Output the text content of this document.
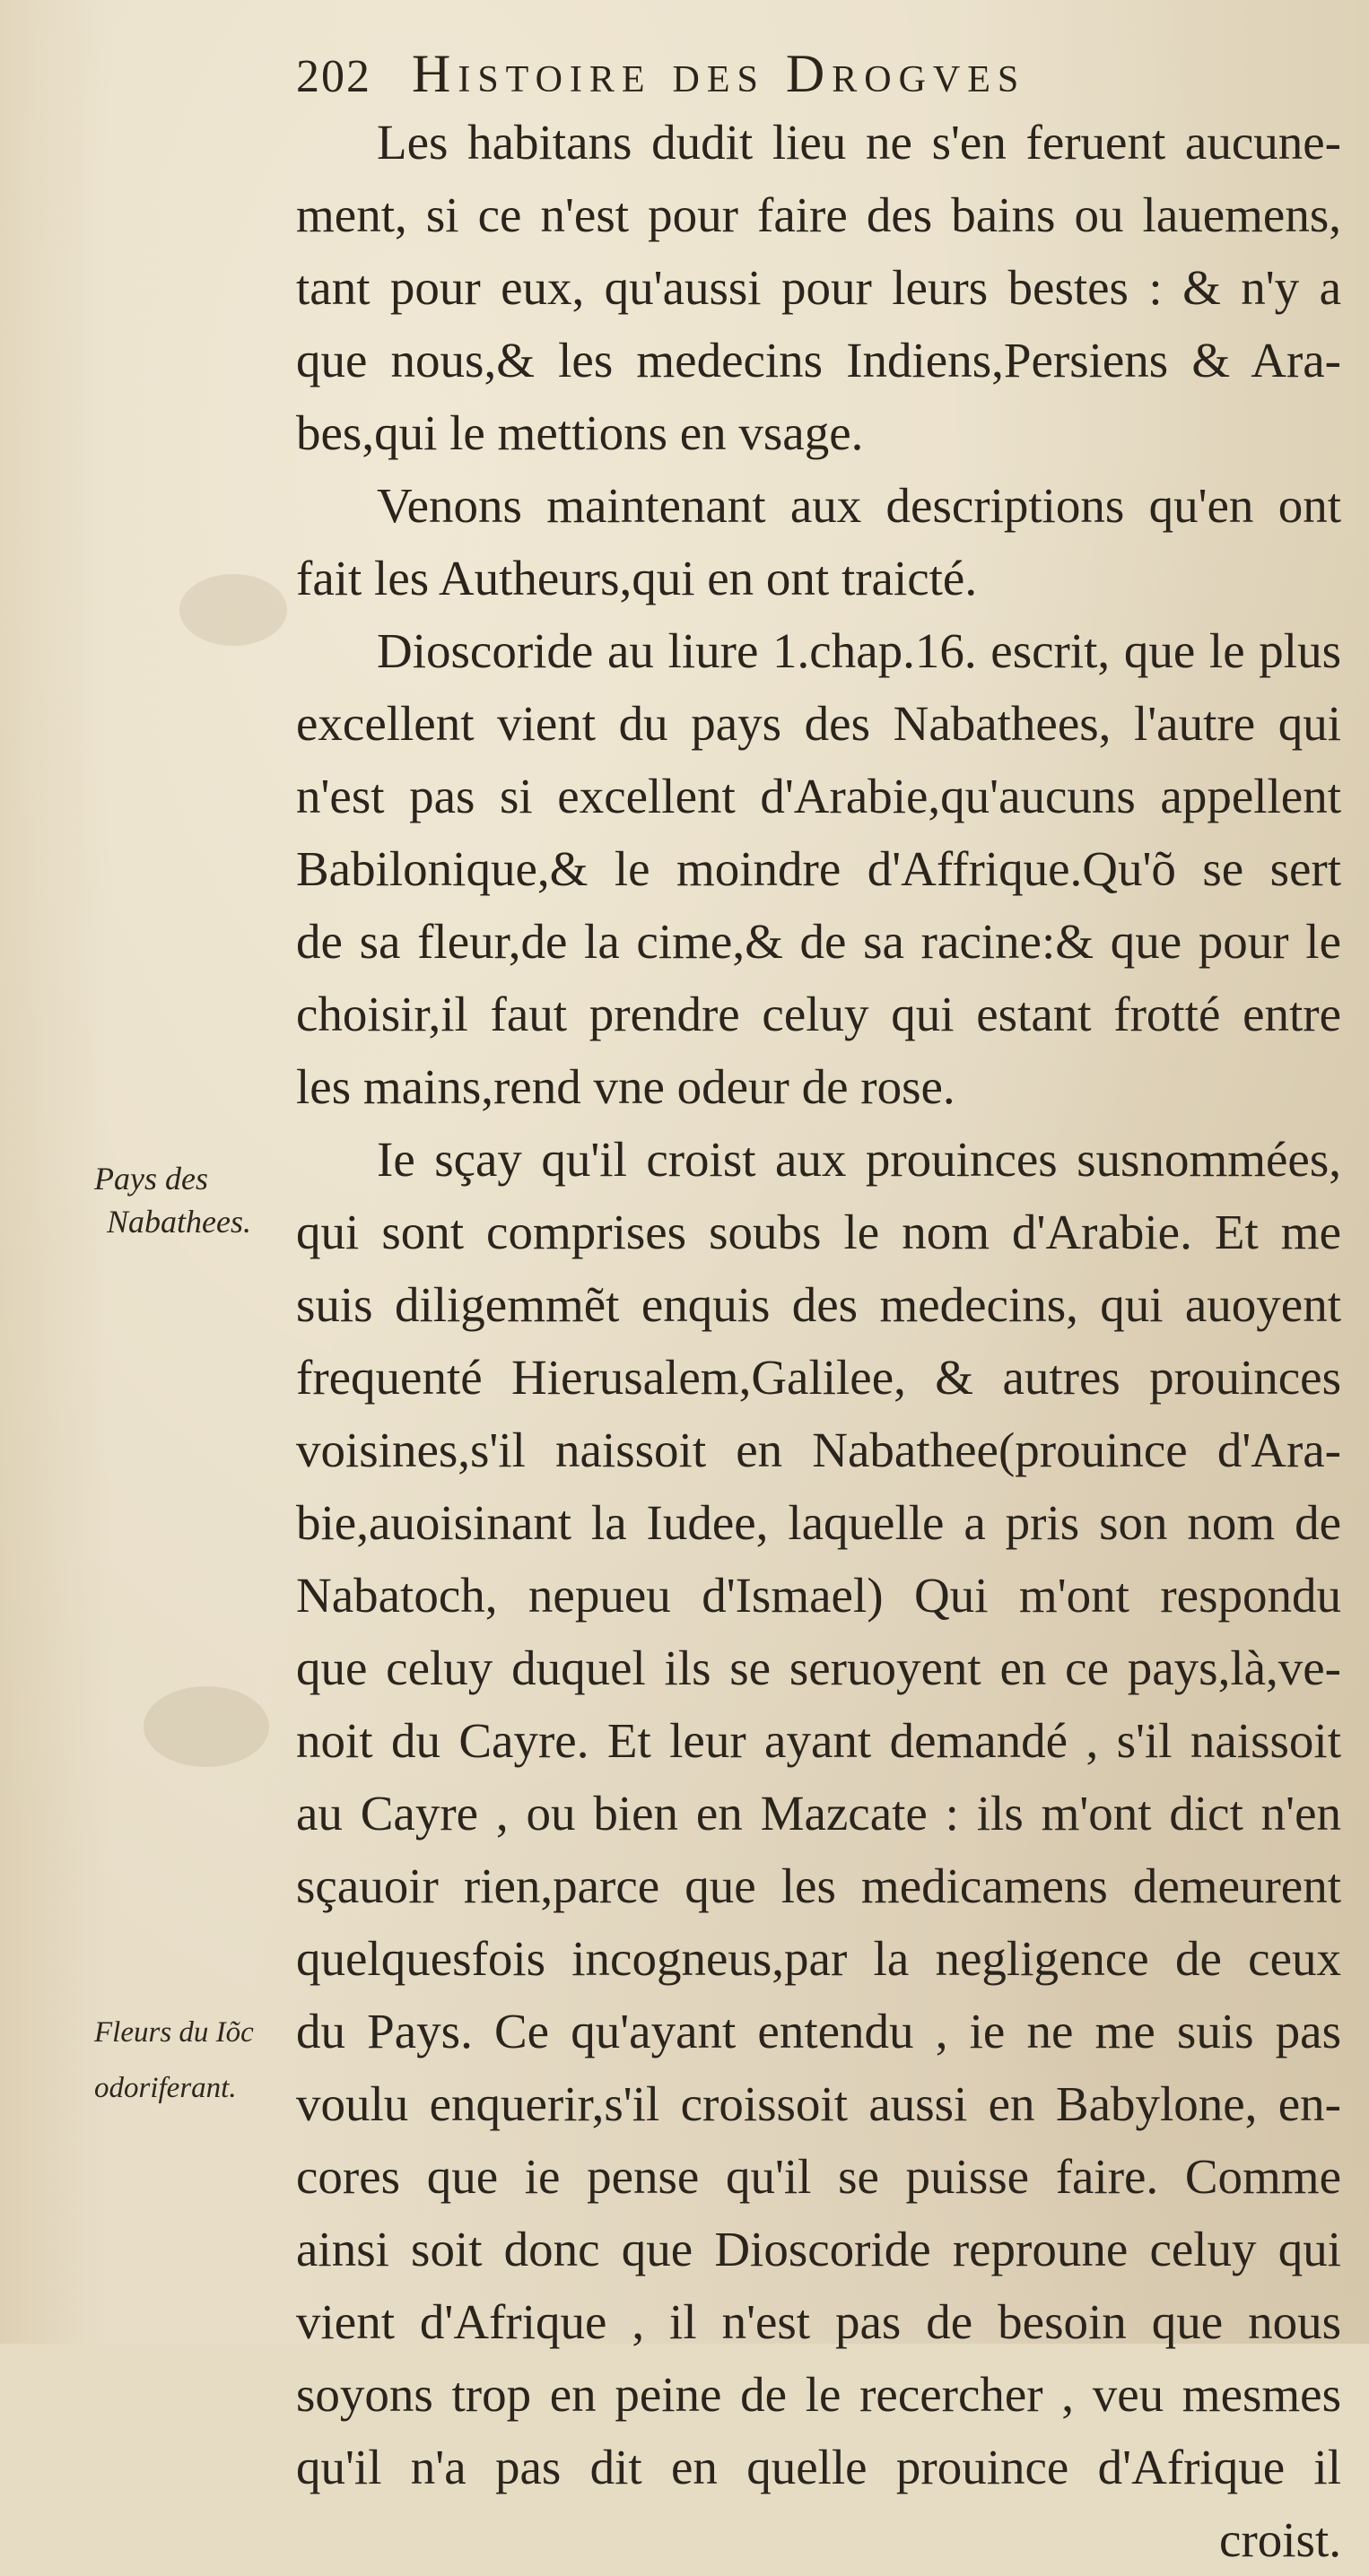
202 Histoire des Drogves
Les habitans dudit lieu ne s'en feruent aucune-
ment, si ce n'est pour faire des bains ou lauemens,
tant pour eux, qu'aussi pour leurs bestes : & n'y a
que nous,& les medecins Indiens,Persiens & Ara-
bes,qui le mettions en vsage.
Venons maintenant aux descriptions qu'en ont
fait les Autheurs,qui en ont traicté.
Dioscoride au liure 1.chap.16. escrit, que le plus
excellent vient du pays des Nabathees, l'autre qui
n'est pas si excellent d'Arabie,qu'aucuns appellent
Babilonique,& le moindre d'Affrique.Qu'õ se sert
de sa fleur,de la cime,& de sa racine:& que pour le
choisir,il faut prendre celuy qui estant frotté entre
les mains,rend vne odeur de rose.
Ie sçay qu'il croist aux prouinces susnommées,
qui sont comprises soubs le nom d'Arabie. Et me
suis diligemmẽt enquis des medecins, qui auoyent
frequenté Hierusalem,Galilee, & autres prouinces
voisines,s'il naissoit en Nabathee(prouince d'Ara-
bie,auoisinant la Iudee, laquelle a pris son nom de
Nabatoch, nepueu d'Ismael) Qui m'ont respondu
que celuy duquel ils se seruoyent en ce pays,là,ve-
noit du Cayre. Et leur ayant demandé , s'il naissoit
au Cayre , ou bien en Mazcate : ils m'ont dict n'en
sçauoir rien,parce que les medicamens demeurent
quelquesfois incogneus,par la negligence de ceux
du Pays. Ce qu'ayant entendu , ie ne me suis pas
voulu enquerir,s'il croissoit aussi en Babylone, en-
cores que ie pense qu'il se puisse faire. Comme
ainsi soit donc que Dioscoride reproune celuy qui
vient d'Afrique , il n'est pas de besoin que nous
soyons trop en peine de le recercher , veu mesmes
qu'il n'a pas dit en quelle prouince d'Afrique il
croist.
Pays des
Nabathees.
Fleurs du Iõc
odoriferant.
